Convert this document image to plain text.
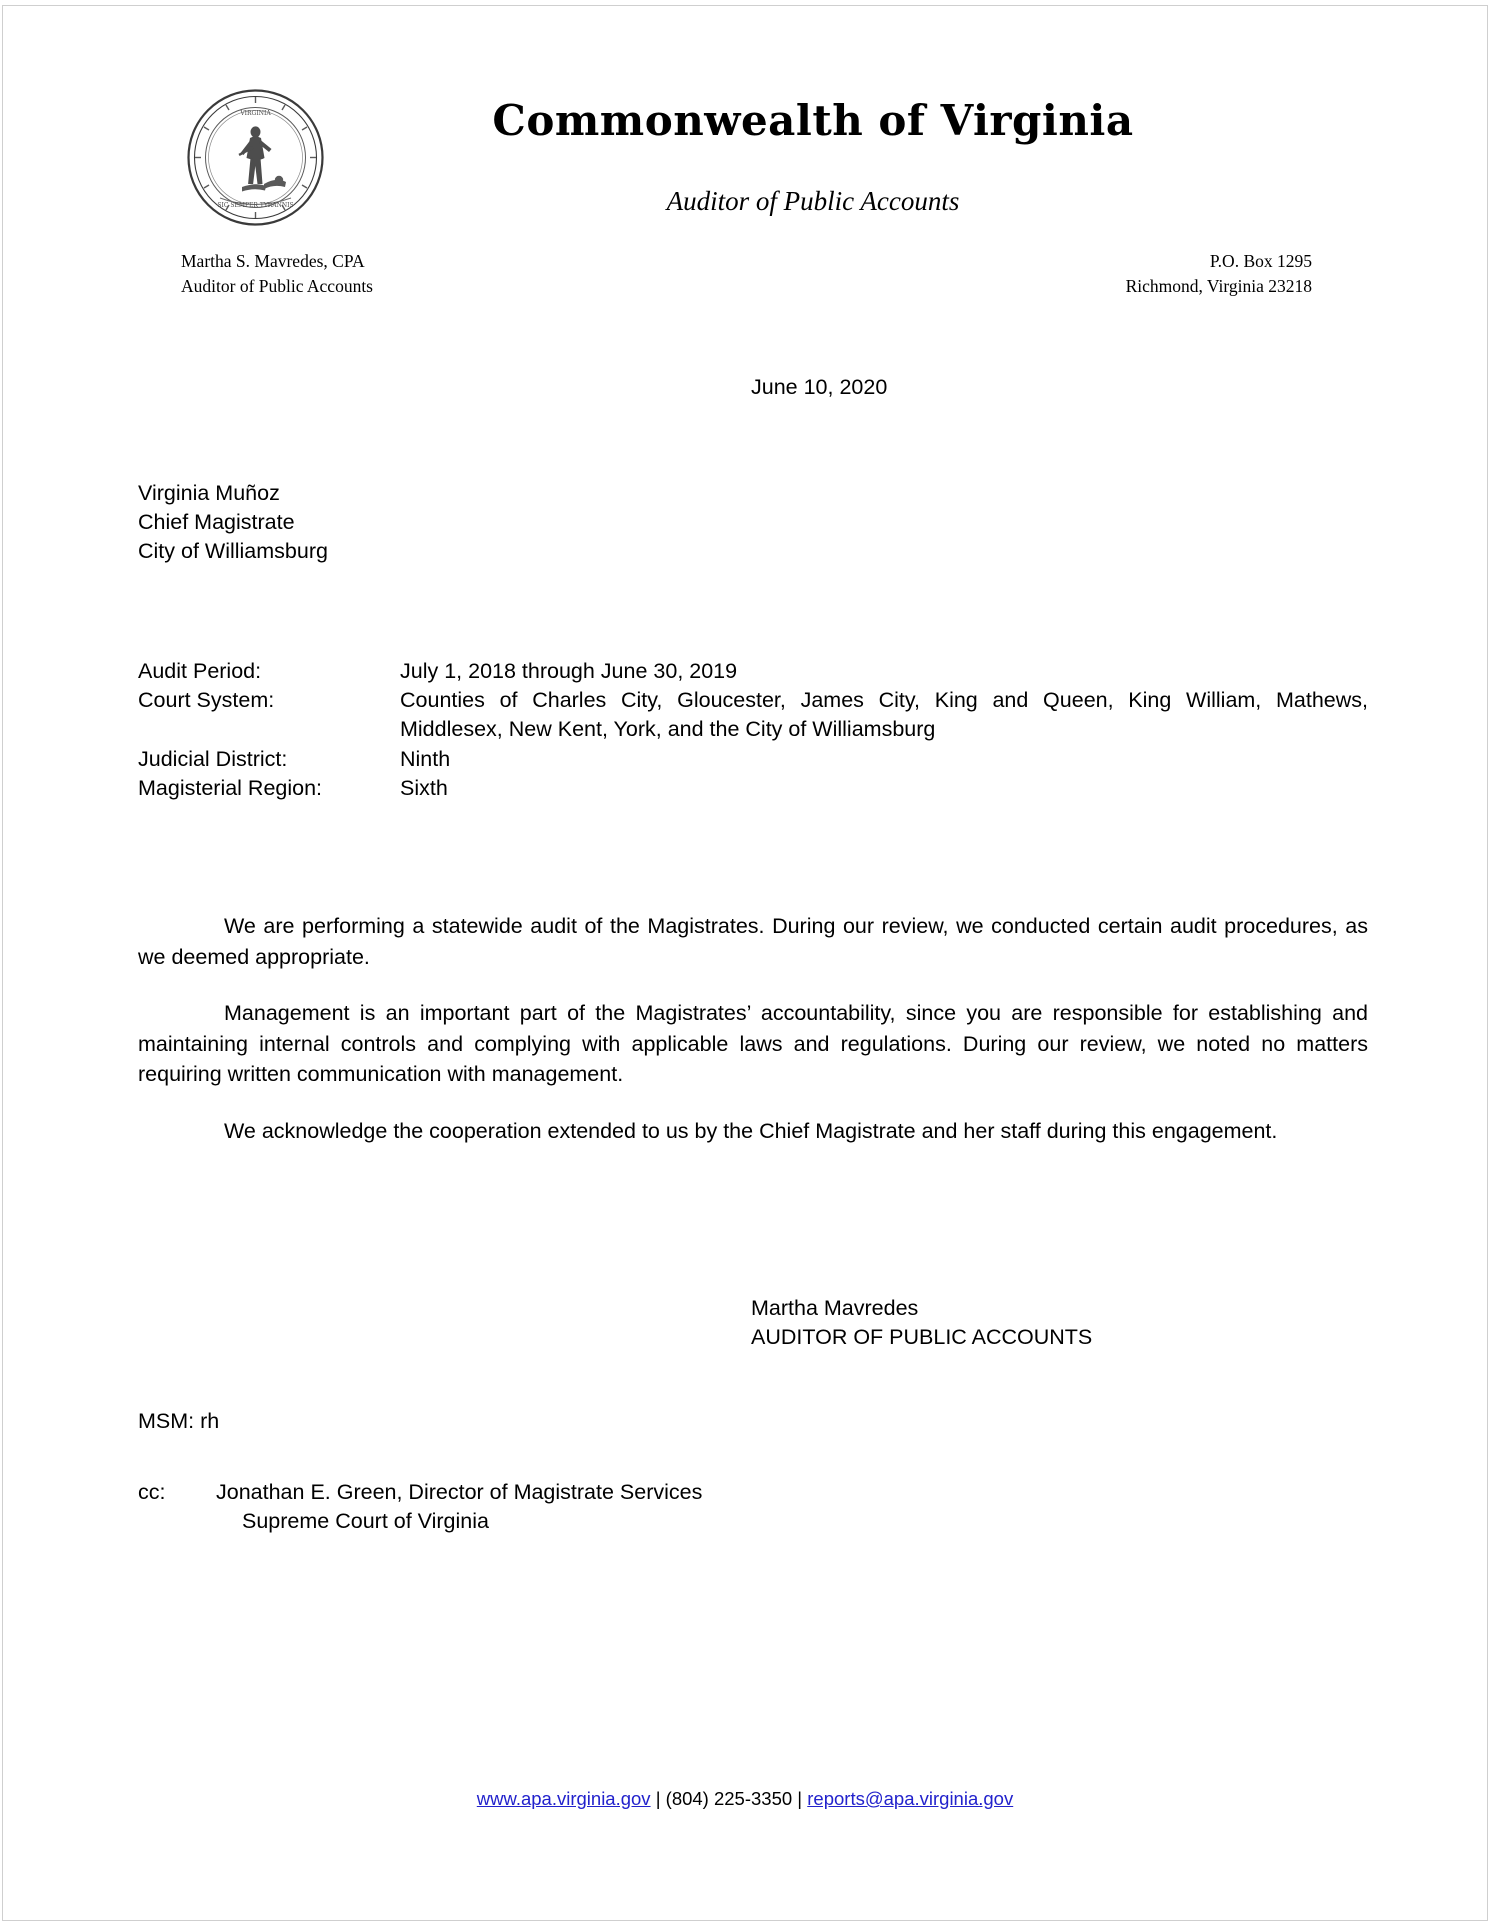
SIC SEMPER TYRANNIS
VIRGINIA	Commonwealth of Virginia
Auditor of Public Accounts
Martha S. Mavredes, CPA
Auditor of Public Accounts
P.O. Box 1295
Richmond, Virginia 23218
June 10, 2020
Virginia Muñoz
Chief Magistrate
City of Williamsburg
Audit Period:	July 1, 2018 through June 30, 2019
Court System:	Counties of Charles City, Gloucester, James City, King and Queen, King William, Mathews, Middlesex, New Kent, York, and the City of Williamsburg
Judicial District:	Ninth
Magisterial Region:	Sixth

We are performing a statewide audit of the Magistrates. During our review, we conducted certain audit procedures, as we deemed appropriate.

Management is an important part of the Magistrates’ accountability, since you are responsible for establishing and maintaining internal controls and complying with applicable laws and regulations. During our review, we noted no matters requiring written communication with management.

We acknowledge the cooperation extended to us by the Chief Magistrate and her staff during this engagement.

Martha Mavredes
AUDITOR OF PUBLIC ACCOUNTS
MSM: rh
cc:	Jonathan E. Green, Director of Magistrate Services
Supreme Court of Virginia
www.apa.virginia.gov | (804) 225-3350 | reports@apa.virginia.gov
